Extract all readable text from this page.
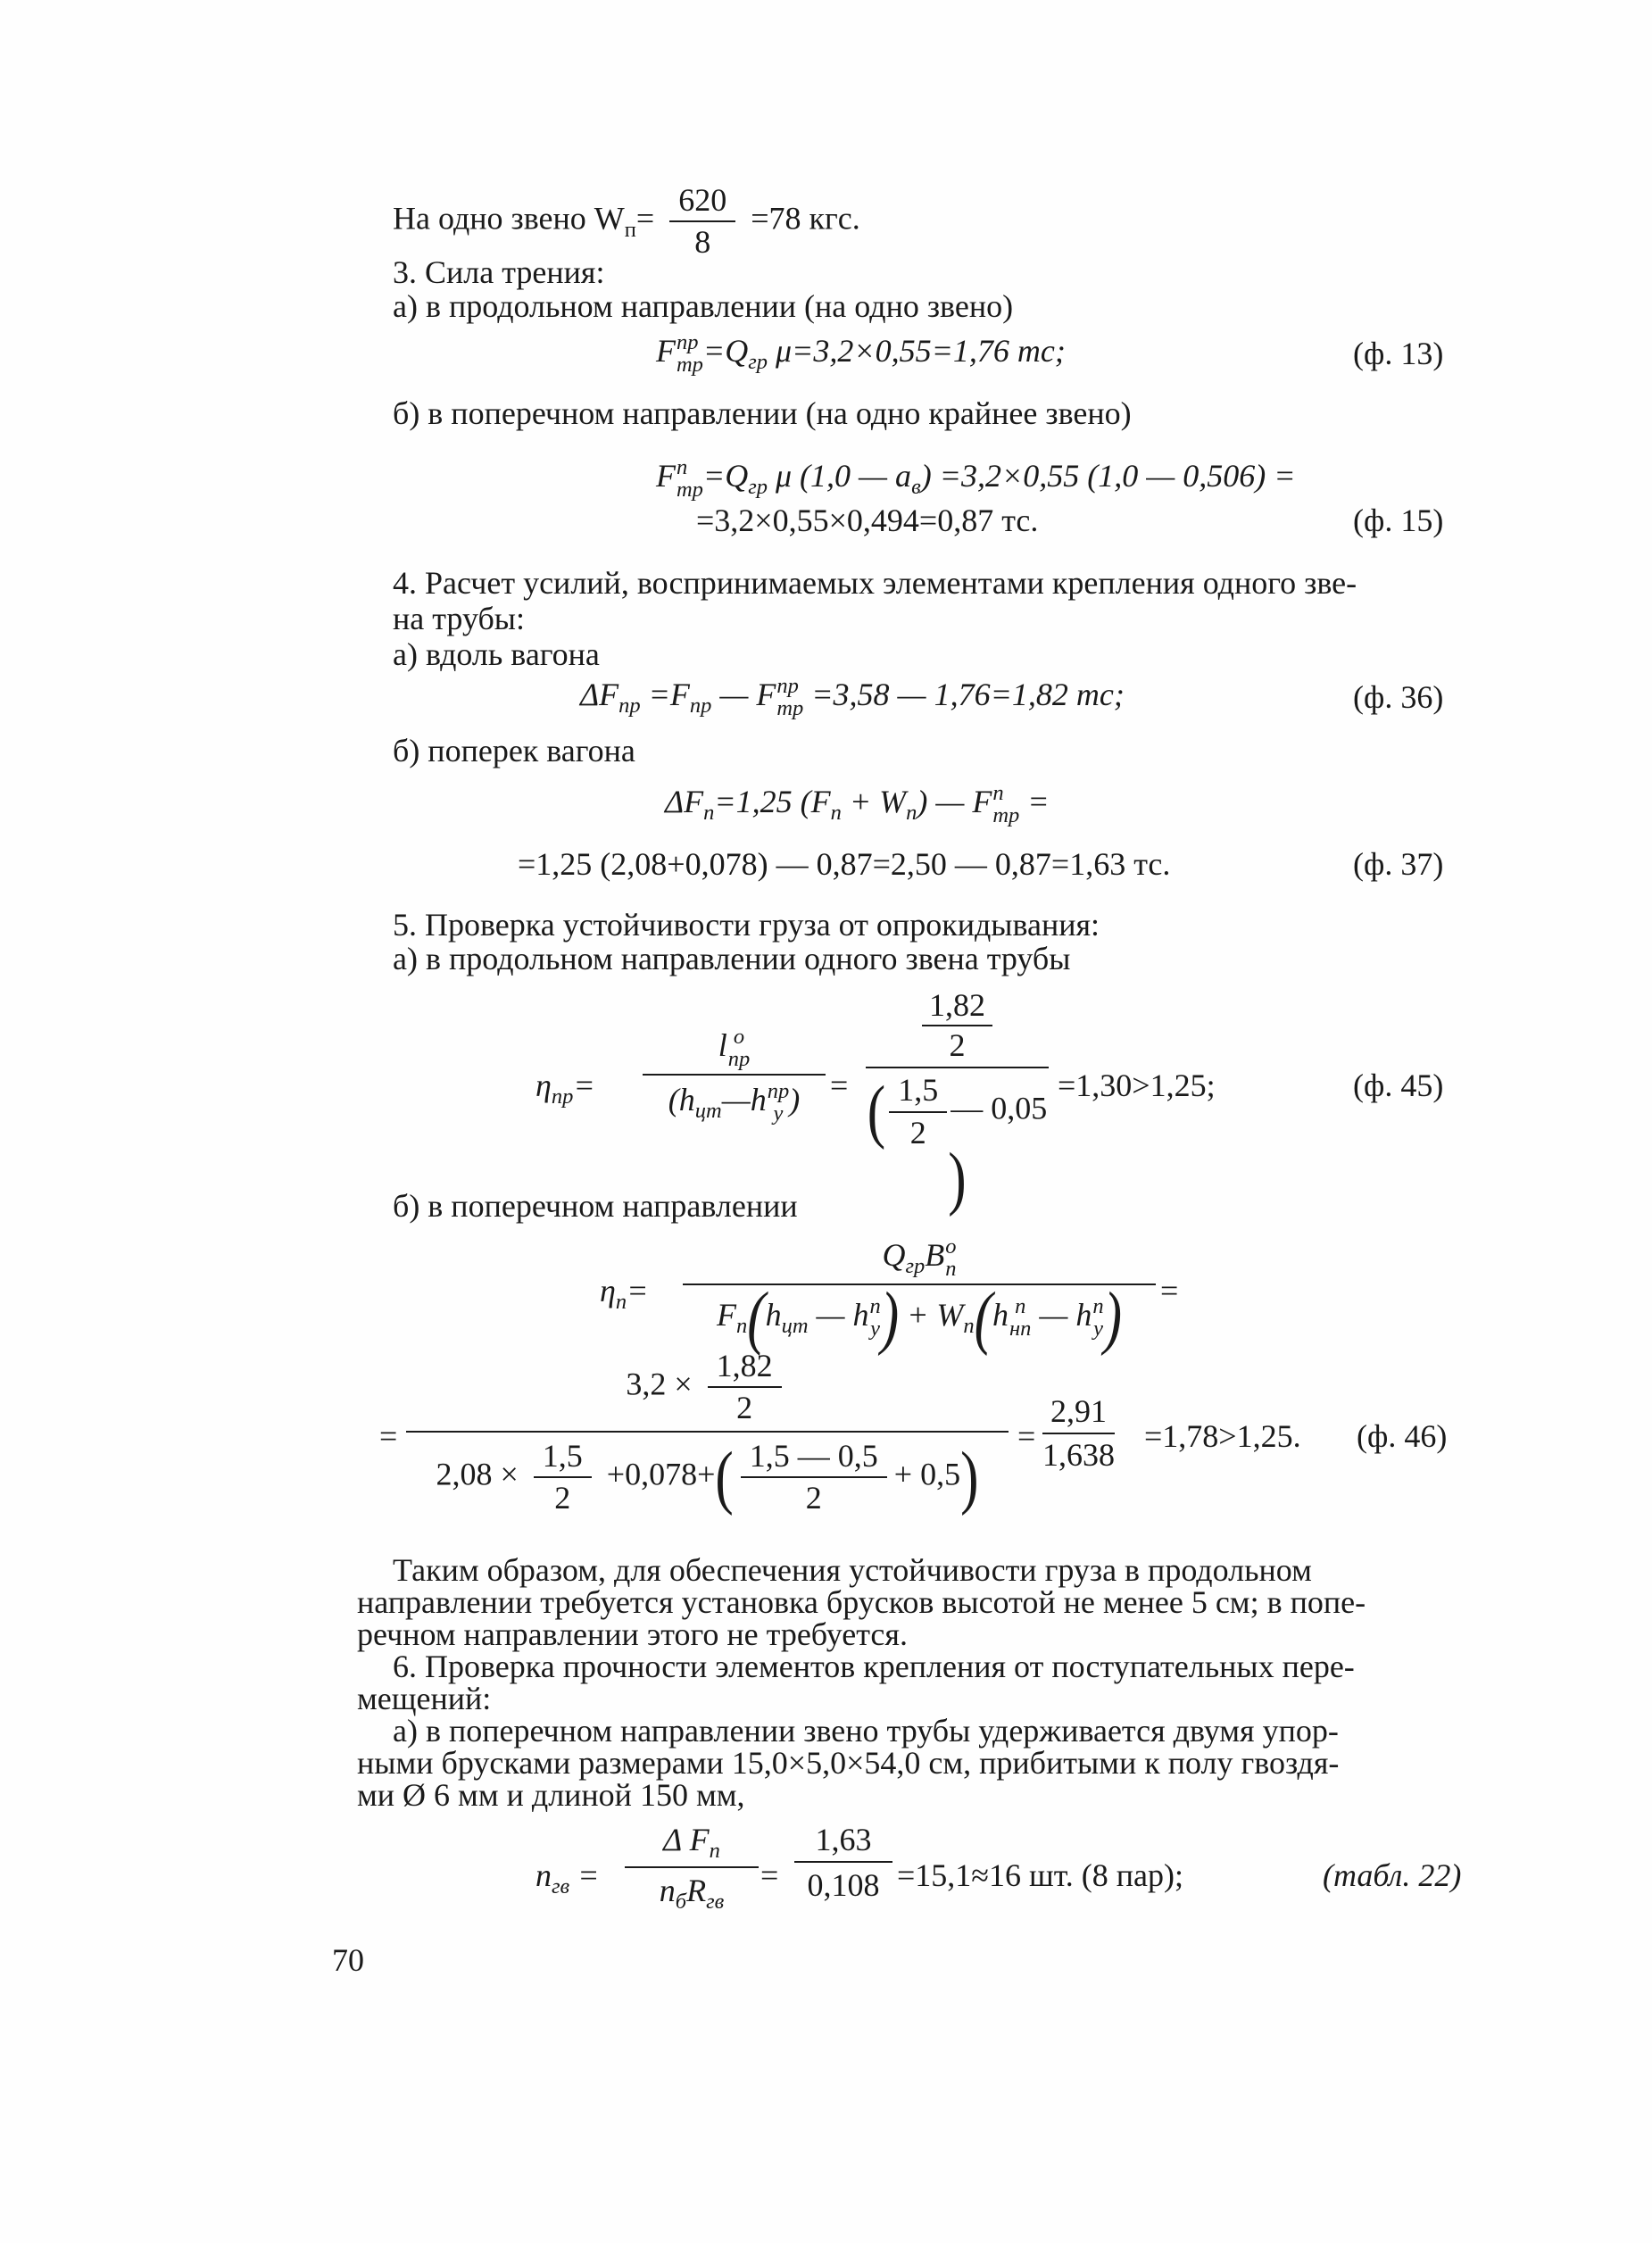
На одно звено $W_п= \frac{620}{8} =78$ кгс.
3. Сила трения:
а) в продольном направлении (на одно звено)
F пр
тр $=Q_{гр}$ μ=3,2×0,55=1,76 тс;	(ф. 13)
б) в поперечном направлении (на одно крайнее звено)
F п
тр $=Q_{гр}$ μ (1,0 — $a_в) =3,2\times 0,55$ (1,0 — 0,506) =
=3,2×0,55×0,494=0,87 тс.	(ф. 15)
4. Расчет усилий, воспринимаемых элементами крепления одного зве-
на трубы:
а) вдоль вагона
$\Delta F_{пр} =F_{пр}$ — F пр
тр =3,58 — 1,76=1,82 тс;	(ф. 36)
б) поперек вагона
$\Delta F_п=1,25$ $(F_п + W_п)$ — F п
тр =
=1,25 (2,08+0,078) — 0,87=2,50 — 0,87=1,63 тс.	(ф. 37)
5. Проверка устойчивости груза от опрокидывания:
а) в продольном направлении одного звена трубы
$\eta_{пр}=$
l о
пр
($h_{цт}—h$ пр
у ) =
1,82
2
( $\frac{1,5}{2}$ — 0,05)
=1,30>1,25;	(ф. 45)
б) в поперечном направлении
$\eta_п=$
$Q_{гр}B$ о
п
$F_п(h_{цт}$ — h п
у ) + $W_п(h$ п
нп — h п
у )	=
=
$3,2 \times \frac{1,82}{2}$
$2,08 \times \frac{1,5}{2} +0,078+( \frac{1,5 — 0,5}{2} + 0,5)$
= $\frac{2,91}{1,638} =1,78>1,25$. (ф. 46)
Таким образом, для обеспечения устойчивости груза в продольном
направлении требуется установка брусков высотой не менее 5 см; в попе-
речном направлении этого не требуется.
6. Проверка прочности элементов крепления от поступательных пере-
мещений:
а) в поперечном направлении звено трубы удерживается двумя упор-
ными брусками размерами 15,0×5,0×54,0 см, прибитыми к полу гвоздя-
ми Ø 6 мм и длиной 150 мм,
$n_{гв}$ =
Δ $F_п$
$n_бR_{гв}$
= $\frac{1,63}{0,108} =15,1\approx 16$ шт. (8 пар);	(табл. 22)
70
